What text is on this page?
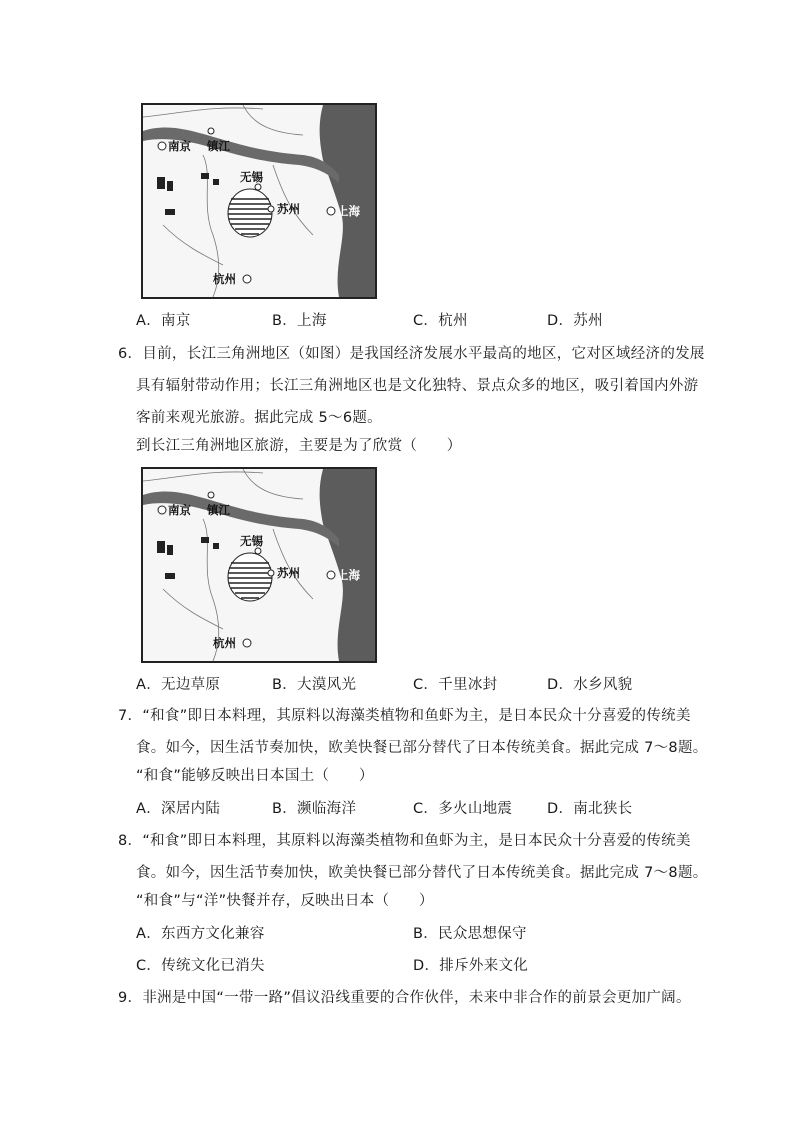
南京 镇江
无锡
苏州	上海
杭州
A．南京	B．上海	C．杭州	D．苏州
6．目前，长江三角洲地区（如图）是我国经济发展水平最高的地区，它对区域经济的发展
具有辐射带动作用；长江三角洲地区也是文化独特、景点众多的地区，吸引着国内外游
客前来观光旅游。据此完成 5～6题。
到长江三角洲地区旅游，主要是为了欣赏（　　）
南京 镇江
无锡
苏州	上海
杭州
A．无边草原	B．大漠风光	C．千里冰封	D．水乡风貌
7．“和食”即日本料理，其原料以海藻类植物和鱼虾为主，是日本民众十分喜爱的传统美
食。如今，因生活节奏加快，欧美快餐已部分替代了日本传统美食。据此完成 7～8题。
“和食”能够反映出日本国土（　　）
A．深居内陆	B．濒临海洋	C．多火山地震 D．南北狭长
8．“和食”即日本料理，其原料以海藻类植物和鱼虾为主，是日本民众十分喜爱的传统美
食。如今，因生活节奏加快，欧美快餐已部分替代了日本传统美食。据此完成 7～8题。
“和食”与“洋”快餐并存，反映出日本（　　）
A．东西方文化兼容	B．民众思想保守
C．传统文化已消失	D．排斥外来文化
9．非洲是中国“一带一路”倡议沿线重要的合作伙伴，未来中非合作的前景会更加广阔。
